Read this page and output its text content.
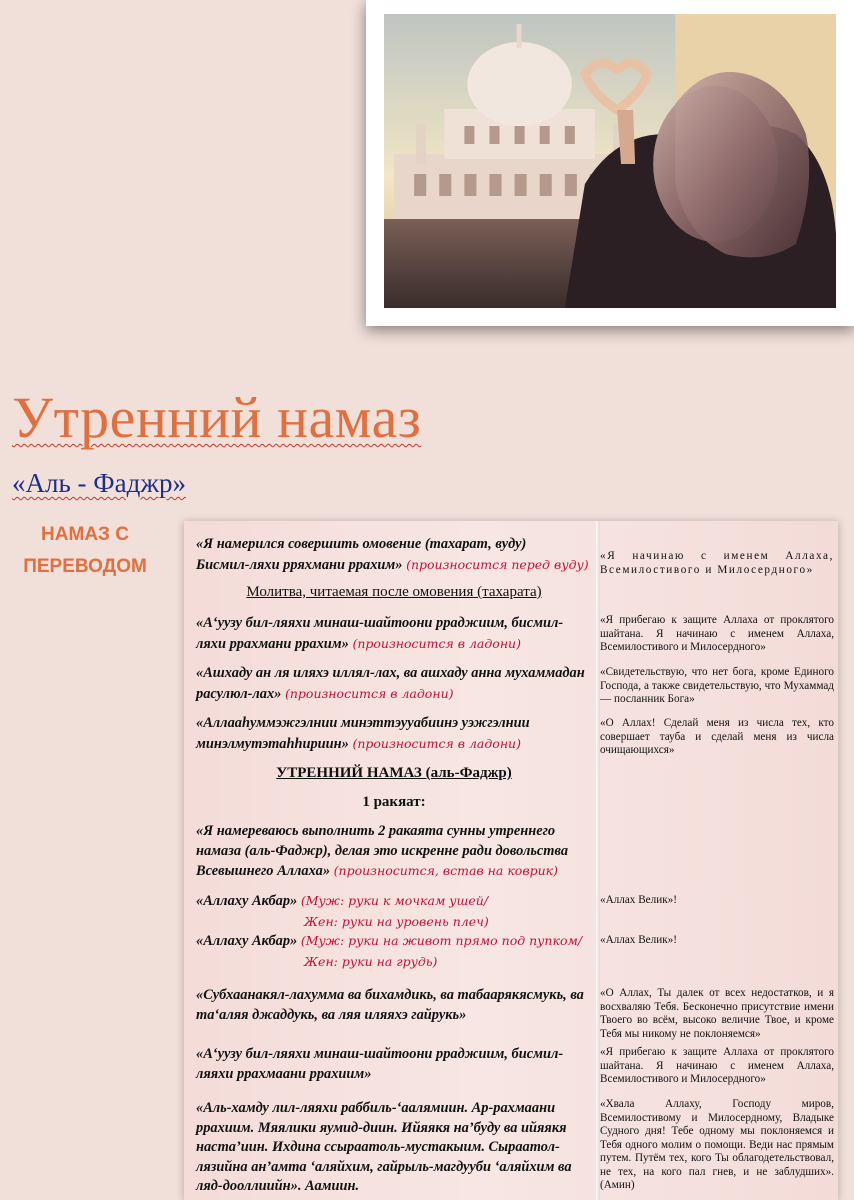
Утренний намаз
«Аль - Фаджр»
НАМАЗ С ПЕРЕВОДОМ
«Я намерился совершить омовение (тахарат, вуду)
Бисмил-ляхи рряхмани ррахим» (произносится перед вуду)
Молитва, читаемая после омовения (тахарата)
«А‘уузу бил-ляяхи минаш-шайтоони рраджиим, бисмил-ляхи ррахмани ррахим» (произносится в ладони)
«Ашхаду ан ля иляхэ иллял-лах, ва ашхаду анна мухаммадан расулюл-лах» (произносится в ладони)
«Аллааhуммэжгэлнии минэттэууабиинэ уэжгэлнии минэлмутэтаhhириин» (произносится в ладони)
УТРЕННИЙ НАМАЗ (аль-Фаджр)
1 ракяат:
«Я намереваюсь выполнить 2 ракаята сунны утреннего намаза (аль-Фаджр), делая это искренне ради довольства Всевышнего Аллаха» (произносится, встав на коврик)
«Аллаху Акбар» (Муж: руки к мочкам ушей/
Жен: руки на уровень плеч)
«Аллаху Акбар» (Муж: руки на живот прямо под пупком/
Жен: руки на грудь)
«Субхаанакял-лахумма ва бихамдикь, ва табаарякясмукь, ва та‘аляя джаддукь, ва ляя иляяхэ гайрукь»
«А‘уузу бил-ляяхи минаш-шайтоони рраджиим, бисмил-ляяхи ррахмаани ррахиим»
«Аль-хамду лил-ляяхи раббиль-‘аалямиин. Ар-рахмаани ррахиим. Мяялики яумид-диин. Ийяякя на’буду ва ийяякя наста’иин. Ихдина ссыраатоль-мустакыим. Сыраатол-лязийна ан’амта ‘аляйхим, гайрыль-магдууби ‘аляйхим ва ляд-дооллиийн». Аамиин.
«Я начинаю с именем Аллаха, Всемилостивого и Милосердного»
«Я прибегаю к защите Аллаха от проклятого шайтана. Я начинаю с именем Аллаха, Всемилостивого и Милосердного»
«Свидетельствую, что нет бога, кроме Единого Господа, а также свидетельствую, что Мухаммад — посланник Бога»
«О Аллах! Сделай меня из числа тех, кто совершает тауба и сделай меня из числа очищающихся»
«Аллах Велик»!
«Аллах Велик»!
«О Аллах, Ты далек от всех недостатков, и я восхваляю Тебя. Бесконечно присутствие имени Твоего во всём, высоко величие Твое, и кроме Тебя мы никому не поклоняемся»
«Я прибегаю к защите Аллаха от проклятого шайтана. Я начинаю с именем Аллаха, Всемилостивого и Милосердного»
«Хвала Аллаху, Господу миров, Всемилостивому и Милосердному, Владыке Судного дня! Тебе одному мы поклоняемся и Тебя одного молим о помощи. Веди нас прямым путем. Путём тех, кого Ты облагодетельствовал, не тех, на кого пал гнев, и не заблудших». (Амин)
